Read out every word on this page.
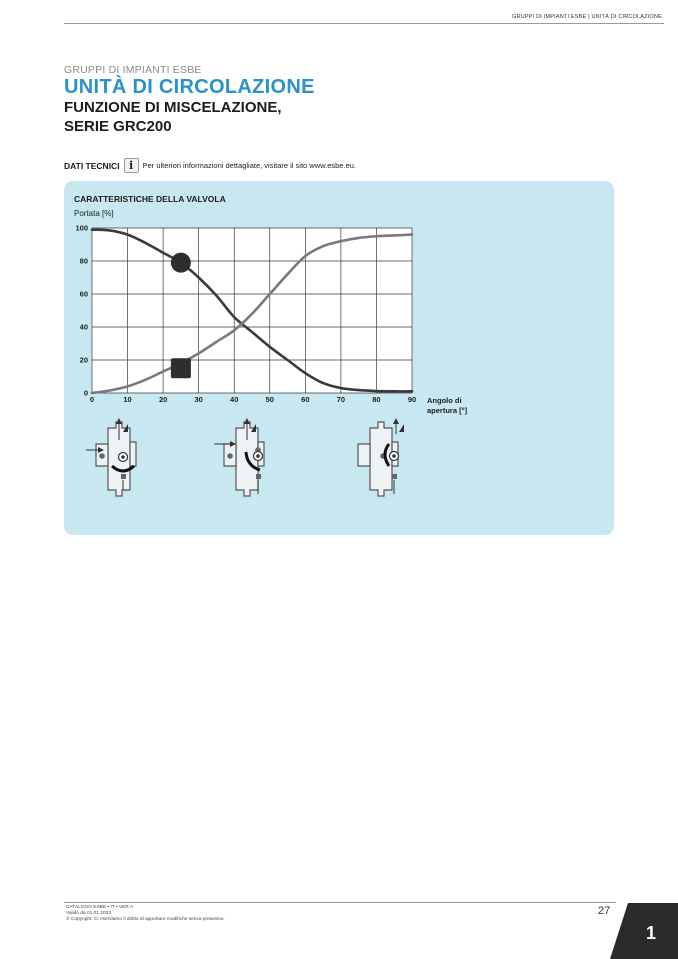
GRUPPI DI IMPIANTI ESBE | UNITÀ DI CIRCOLAZIONE
GRUPPI DI IMPIANTI ESBE
UNITÀ DI CIRCOLAZIONE
FUNZIONE DI MISCELAZIONE,
SERIE GRC200
DATI TECNICI i	Per ulteriori informazioni dettagliate, visitare il sito www.esbe.eu.
CARATTERISTICHE DELLA VALVOLA
0	10	20	30	40	50	60	70	80	90
0
20
40
60
80
100
Portata [%]
Angolo di
apertura [°]
CATALOGO ESBE • IT • VER A
Valido da 01.01.2023
© Copyright. Ci riserviamo il diritto di apportare modifiche senza preavviso.
27
1
